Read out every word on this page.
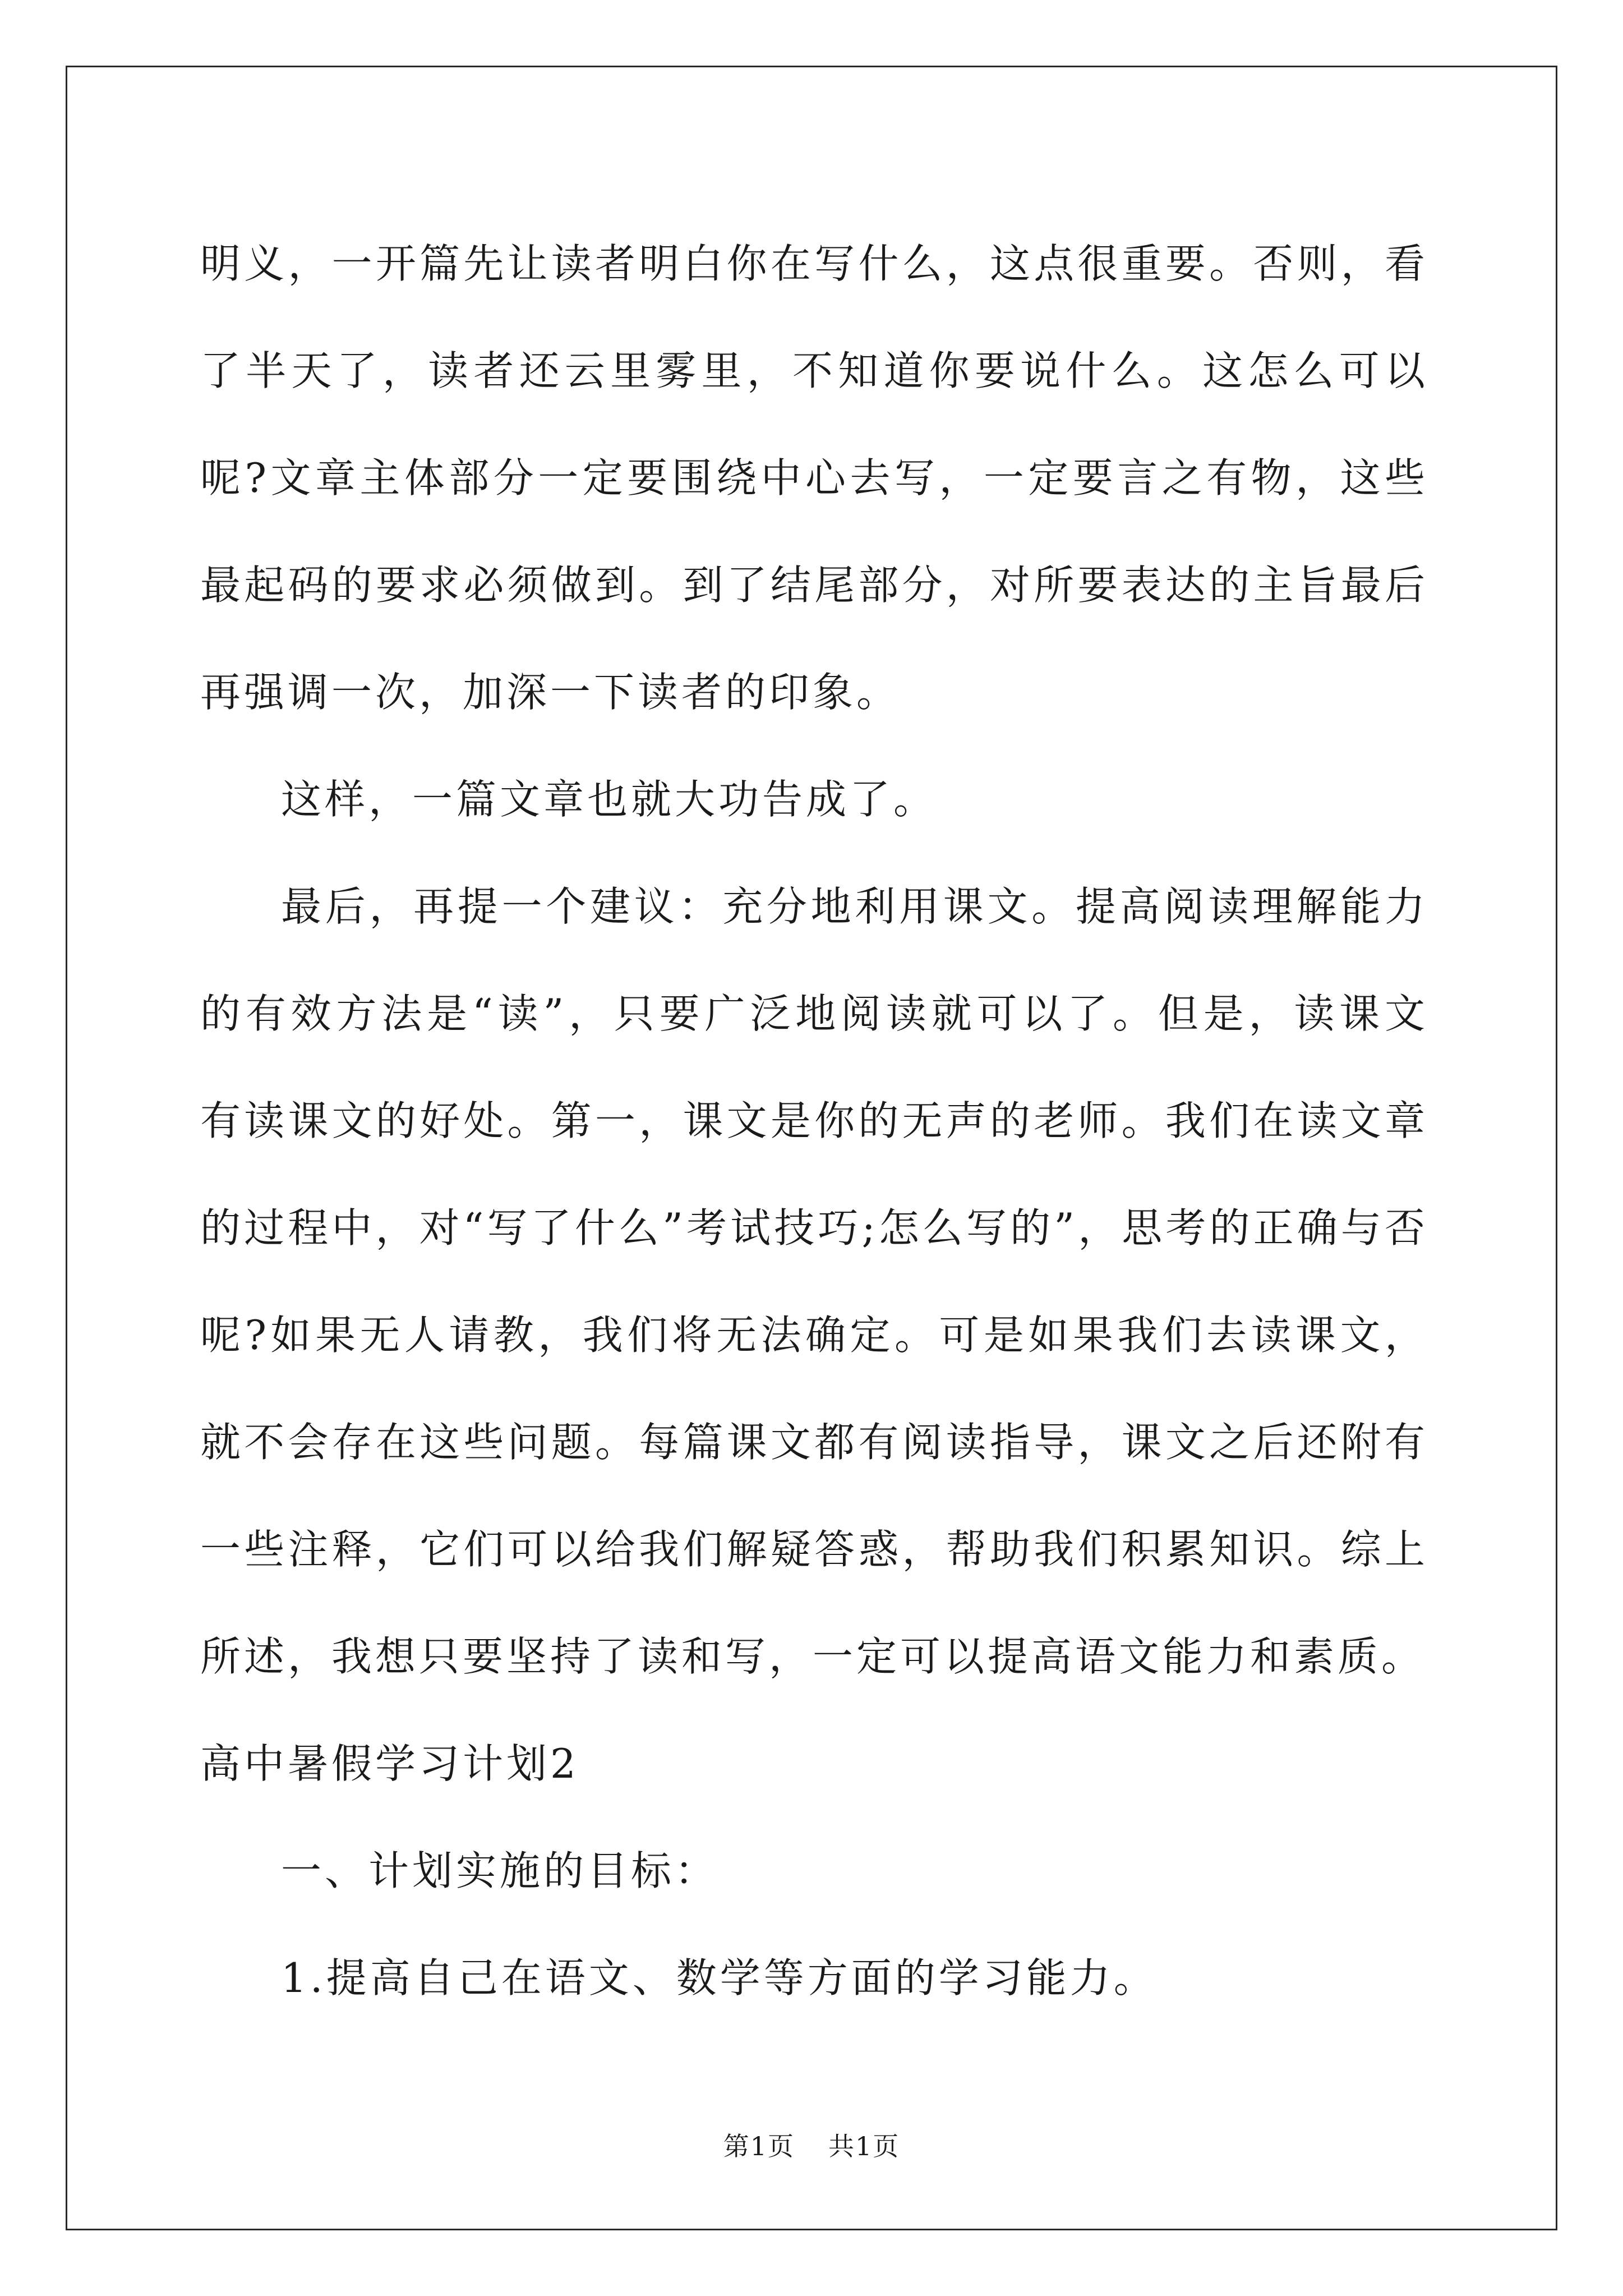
明义，一开篇先让读者明白你在写什么，这点很重要。否则，看了半天了，读者还云里雾里，不知道你要说什么。这怎么可以呢?文章主体部分一定要围绕中心去写，一定要言之有物，这些最起码的要求必须做到。到了结尾部分，对所要表达的主旨最后再强调一次，加深一下读者的印象。

这样，一篇文章也就大功告成了。

最后，再提一个建议：充分地利用课文。提高阅读理解能力的有效方法是“读”，只要广泛地阅读就可以了。但是，读课文有读课文的好处。第一，课文是你的无声的老师。我们在读文章的过程中，对“写了什么”考试技巧;怎么写的”，思考的正确与否呢?如果无人请教，我们将无法确定。可是如果我们去读课文，就不会存在这些问题。每篇课文都有阅读指导，课文之后还附有一些注释，它们可以给我们解疑答惑，帮助我们积累知识。综上所述，我想只要坚持了读和写，一定可以提高语文能力和素质。

高中暑假学习计划2

一、计划实施的目标：

1.提高自己在语文、数学等方面的学习能力。

第1页 共1页
